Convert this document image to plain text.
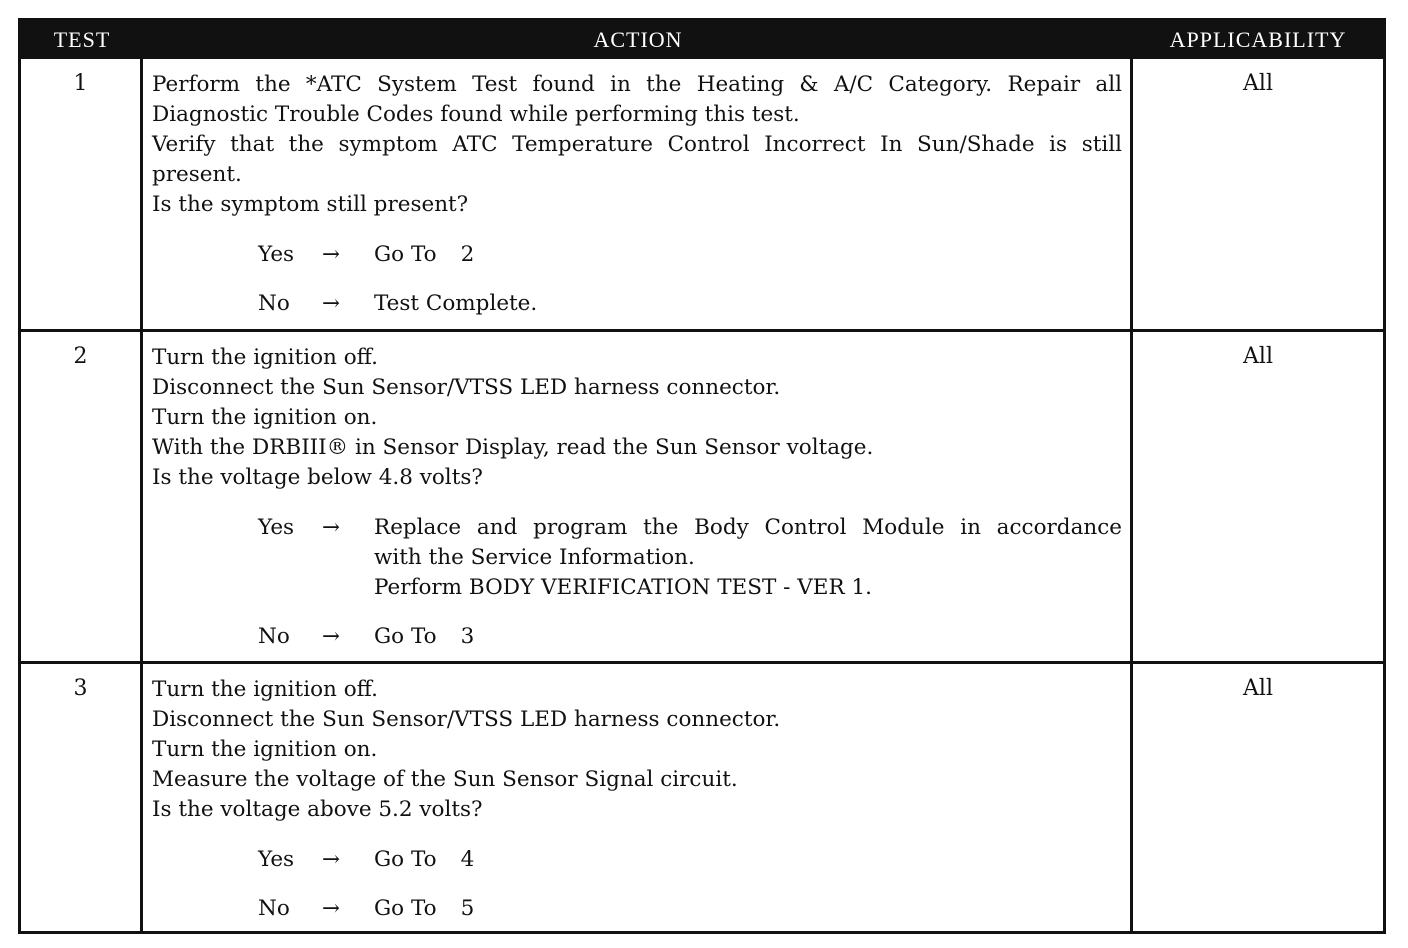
TEST	ACTION	APPLICABILITY
1	Perform the *ATC System Test found in the Heating & A/C Category. Repair all
Diagnostic Trouble Codes found while performing this test.
Verify that the symptom ATC Temperature Control Incorrect In Sun/Shade is still
present.
Is the symptom still present?
Yes	→	Go To 2
No	→	Test Complete.
All
2	Turn the ignition off.
Disconnect the Sun Sensor/VTSS LED harness connector.
Turn the ignition on.
With the DRBIII® in Sensor Display, read the Sun Sensor voltage.
Is the voltage below 4.8 volts?
Yes	→	Replace and program the Body Control Module in accordance
with the Service Information.
Perform BODY VERIFICATION TEST - VER 1.
No	→	Go To 3
All
3	Turn the ignition off.
Disconnect the Sun Sensor/VTSS LED harness connector.
Turn the ignition on.
Measure the voltage of the Sun Sensor Signal circuit.
Is the voltage above 5.2 volts?
Yes	→	Go To 4
No	→	Go To 5
All
